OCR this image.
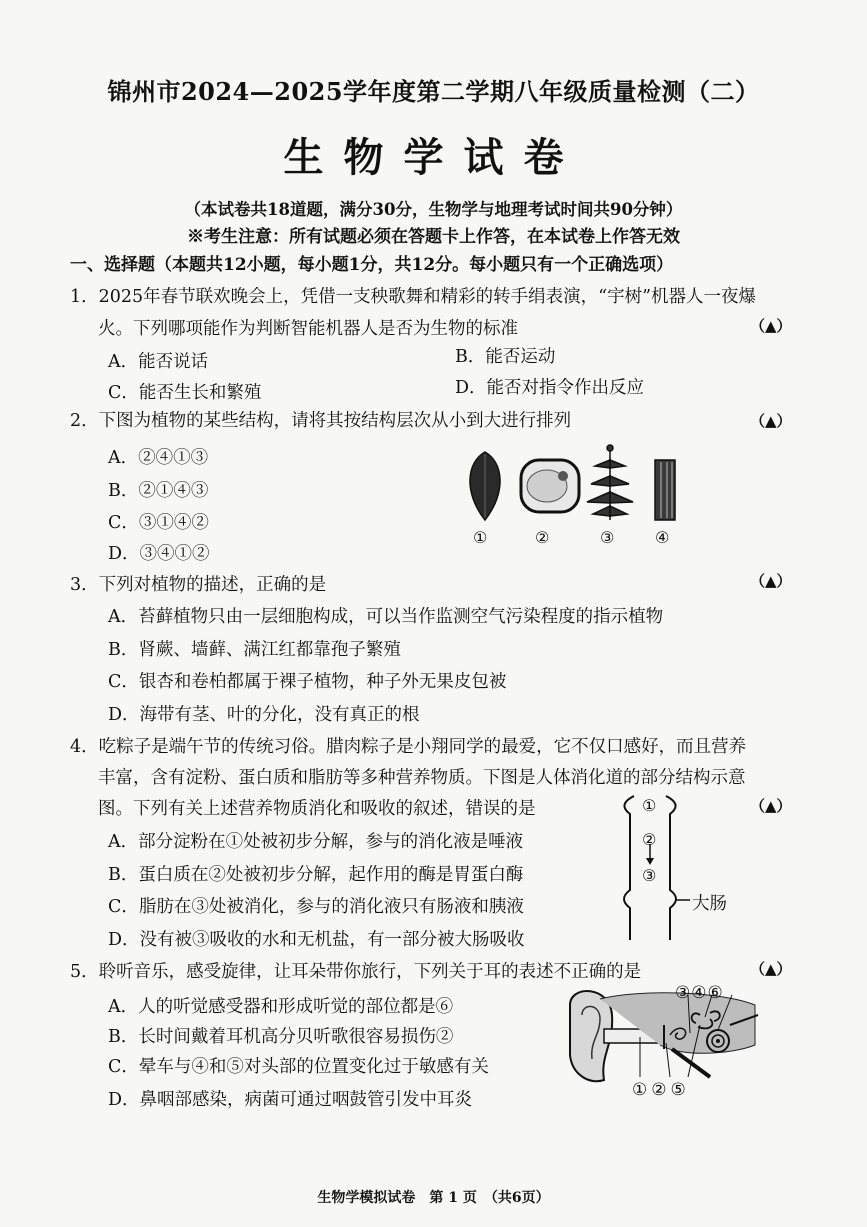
锦州市2024—2025学年度第二学期八年级质量检测（二）
生物学试卷
（本试卷共18道题，满分30分，生物学与地理考试时间共90分钟）
※考生注意：所有试题必须在答题卡上作答，在本试卷上作答无效
一、选择题（本题共12小题，每小题1分，共12分。每小题只有一个正确选项）
1．2025年春节联欢晚会上，凭借一支秧歌舞和精彩的转手绢表演，“宇树”机器人一夜爆
火。下列哪项能作为判断智能机器人是否为生物的标准	（▲）
A．能否说话	B．能否运动
C．能否生长和繁殖	D．能否对指令作出反应
2．下图为植物的某些结构，请将其按结构层次从小到大进行排列	（▲）
A．②④①③
B．②①④③
C．③①④②
D．③④①②
①	②	③	④
3．下列对植物的描述，正确的是	（▲）
A．苔藓植物只由一层细胞构成，可以当作监测空气污染程度的指示植物
B．肾蕨、墙藓、满江红都靠孢子繁殖
C．银杏和卷柏都属于裸子植物，种子外无果皮包被
D．海带有茎、叶的分化，没有真正的根
4．吃粽子是端午节的传统习俗。腊肉粽子是小翔同学的最爱，它不仅口感好，而且营养
丰富，含有淀粉、蛋白质和脂肪等多种营养物质。下图是人体消化道的部分结构示意
图。下列有关上述营养物质消化和吸收的叙述，错误的是	（▲）
A．部分淀粉在①处被初步分解，参与的消化液是唾液
B．蛋白质在②处被初步分解，起作用的酶是胃蛋白酶
C．脂肪在③处被消化，参与的消化液只有肠液和胰液
D．没有被③吸收的水和无机盐，有一部分被大肠吸收
①
②
③
大肠
5．聆听音乐，感受旋律，让耳朵带你旅行，下列关于耳的表述不正确的是	（▲）
A．人的听觉感受器和形成听觉的部位都是⑥
B．长时间戴着耳机高分贝听歌很容易损伤②
C．晕车与④和⑤对头部的位置变化过于敏感有关
D．鼻咽部感染，病菌可通过咽鼓管引发中耳炎
③④⑥
①②⑤
生物学模拟试卷　第 1 页　（共6页）
